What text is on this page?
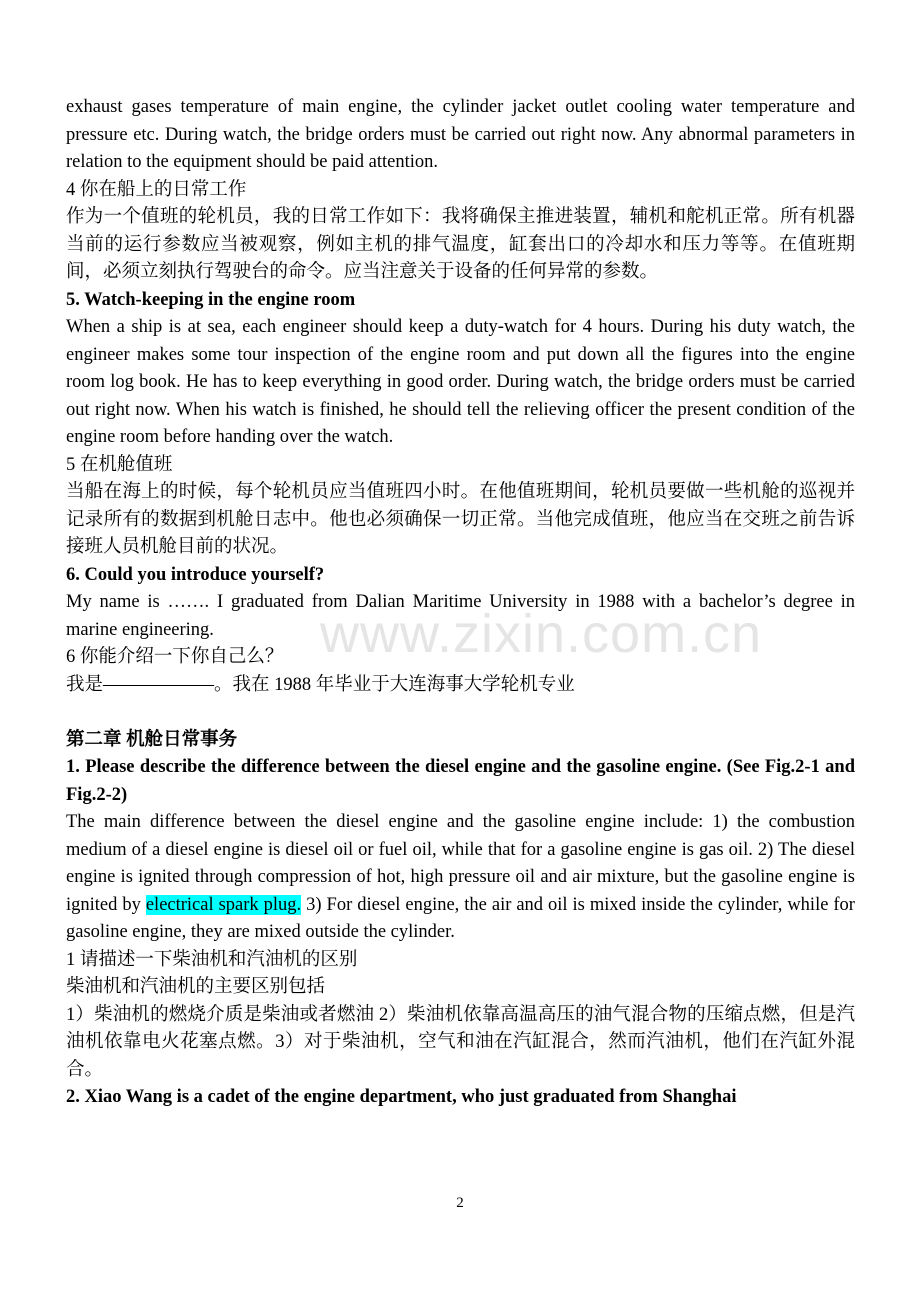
exhaust gases temperature of main engine, the cylinder jacket outlet cooling water temperature and pressure etc. During watch, the bridge orders must be carried out right now. Any abnormal parameters in relation to the equipment should be paid attention.

4 你在船上的日常工作

作为一个值班的轮机员，我的日常工作如下：我将确保主推进装置，辅机和舵机正常。所有机器当前的运行参数应当被观察，例如主机的排气温度，缸套出口的冷却水和压力等等。在值班期间，必须立刻执行驾驶台的命令。应当注意关于设备的任何异常的参数。

5. Watch-keeping in the engine room

When a ship is at sea, each engineer should keep a duty-watch for 4 hours. During his duty watch, the engineer makes some tour inspection of the engine room and put down all the figures into the engine room log book. He has to keep everything in good order. During watch, the bridge orders must be carried out right now. When his watch is finished, he should tell the relieving officer the present condition of the engine room before handing over the watch.

5 在机舱值班

当船在海上的时候，每个轮机员应当值班四小时。在他值班期间，轮机员要做一些机舱的巡视并记录所有的数据到机舱日志中。他也必须确保一切正常。当他完成值班，他应当在交班之前告诉接班人员机舱目前的状况。

6. Could you introduce yourself?

My name is ……. I graduated from Dalian Maritime University in 1988 with a bachelor’s degree in marine engineering.

6 你能介绍一下你自己么？

我是——————。我在 1988 年毕业于大连海事大学轮机专业

第二章 机舱日常事务

1. Please describe the difference between the diesel engine and the gasoline engine. (See Fig.2-1 and Fig.2-2)

The main difference between the diesel engine and the gasoline engine include: 1) the combustion medium of a diesel engine is diesel oil or fuel oil, while that for a gasoline engine is gas oil. 2) The diesel engine is ignited through compression of hot, high pressure oil and air mixture, but the gasoline engine is ignited by electrical spark plug. 3) For diesel engine, the air and oil is mixed inside the cylinder, while for gasoline engine, they are mixed outside the cylinder.

1 请描述一下柴油机和汽油机的区别

柴油机和汽油机的主要区别包括

1）柴油机的燃烧介质是柴油或者燃油 2）柴油机依靠高温高压的油气混合物的压缩点燃，但是汽油机依靠电火花塞点燃。3）对于柴油机，空气和油在汽缸混合，然而汽油机，他们在汽缸外混合。

2. Xiao Wang is a cadet of the engine department, who just graduated from Shanghai

www.zixin.com.cn
2
